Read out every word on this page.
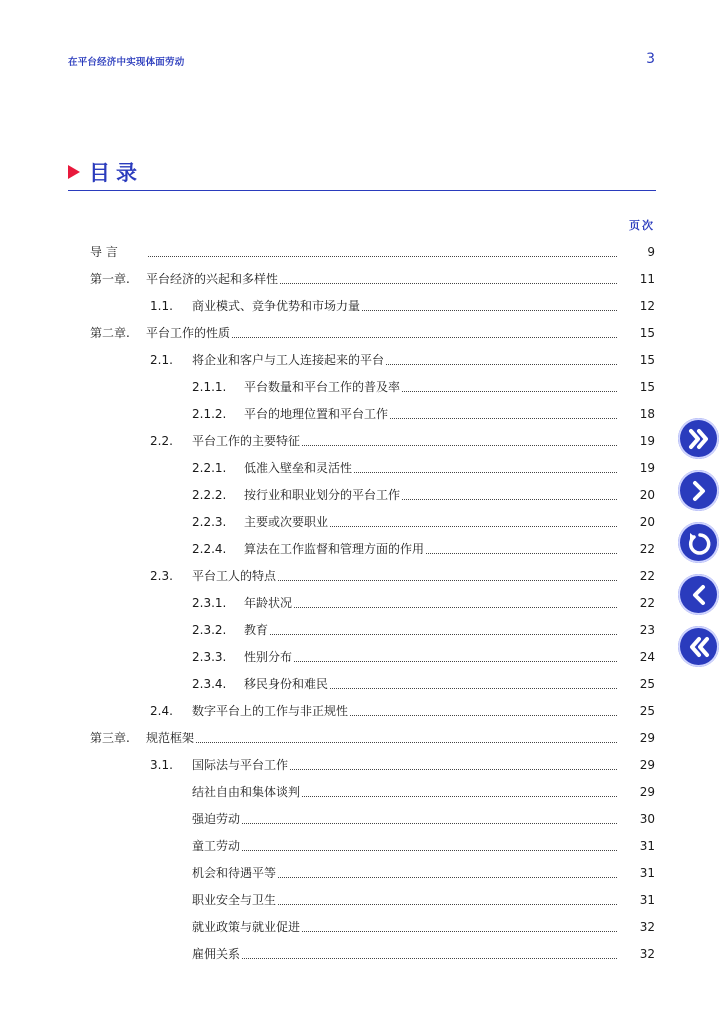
在平台经济中实现体面劳动	3
目录
页次
导 言	9
第一章.	平台经济的兴起和多样性	11
1.1.	商业模式、竞争优势和市场力量	12
第二章.	平台工作的性质	15
2.1.	将企业和客户与工人连接起来的平台	15
2.1.1.	平台数量和平台工作的普及率	15
2.1.2.	平台的地理位置和平台工作	18
2.2.	平台工作的主要特征	19
2.2.1.	低准入壁垒和灵活性	19
2.2.2.	按行业和职业划分的平台工作	20
2.2.3.	主要或次要职业	20
2.2.4.	算法在工作监督和管理方面的作用	22
2.3.	平台工人的特点	22
2.3.1.	年龄状况	22
2.3.2.	教育	23
2.3.3.	性别分布	24
2.3.4.	移民身份和难民	25
2.4.	数字平台上的工作与非正规性	25
第三章.	规范框架	29
3.1.	国际法与平台工作	29
结社自由和集体谈判	29
强迫劳动	30
童工劳动	31
机会和待遇平等	31
职业安全与卫生	31
就业政策与就业促进	32
雇佣关系	32
